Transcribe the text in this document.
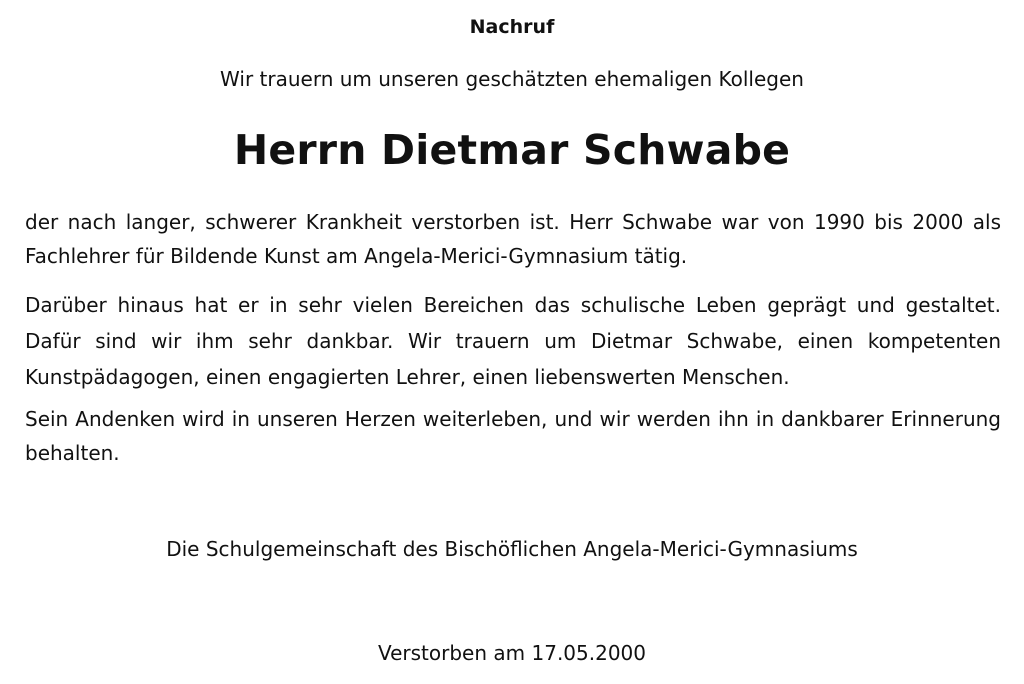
Nachruf
Wir trauern um unseren geschätzten ehemaligen Kollegen
Herrn Dietmar Schwabe

der nach langer, schwerer Krankheit verstorben ist. Herr Schwabe war von 1990 bis 2000 als Fachlehrer für Bildende Kunst am Angela-Merici-Gymnasium tätig.

Darüber hinaus hat er in sehr vielen Bereichen das schulische Leben geprägt und gestaltet. Dafür sind wir ihm sehr dankbar. Wir trauern um Dietmar Schwabe, einen kompetenten Kunstpädagogen, einen engagierten Lehrer, einen liebenswerten Menschen.

Sein Andenken wird in unseren Herzen weiterleben, und wir werden ihn in dankbarer Erinnerung behalten.

Die Schulgemeinschaft des Bischöflichen Angela-Merici-Gymnasiums
Verstorben am 17.05.2000
